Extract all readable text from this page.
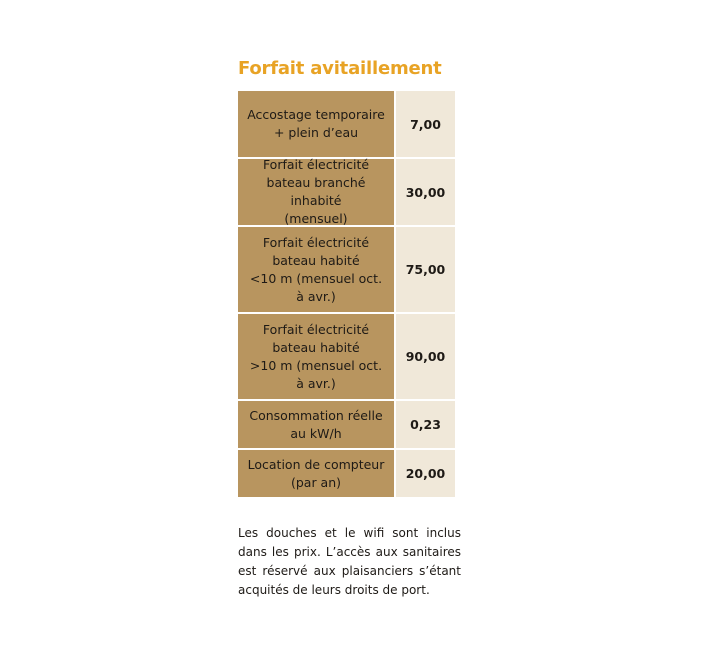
Forfait avitaillement
Accostage temporaire
+ plein d’eau
7,00
Forfait électricité
bateau branché inhabité
(mensuel)
30,00
Forfait électricité
bateau habité
<10 m (mensuel oct.
à avr.)
75,00
Forfait électricité
bateau habité
>10 m (mensuel oct.
à avr.)
90,00
Consommation réelle
au kW/h
0,23
Location de compteur
(par an)
20,00

Les douches et le wifi sont inclus dans les prix. L’accès aux sanitaires est réservé aux plaisanciers s’étant acquités de leurs droits de port.
